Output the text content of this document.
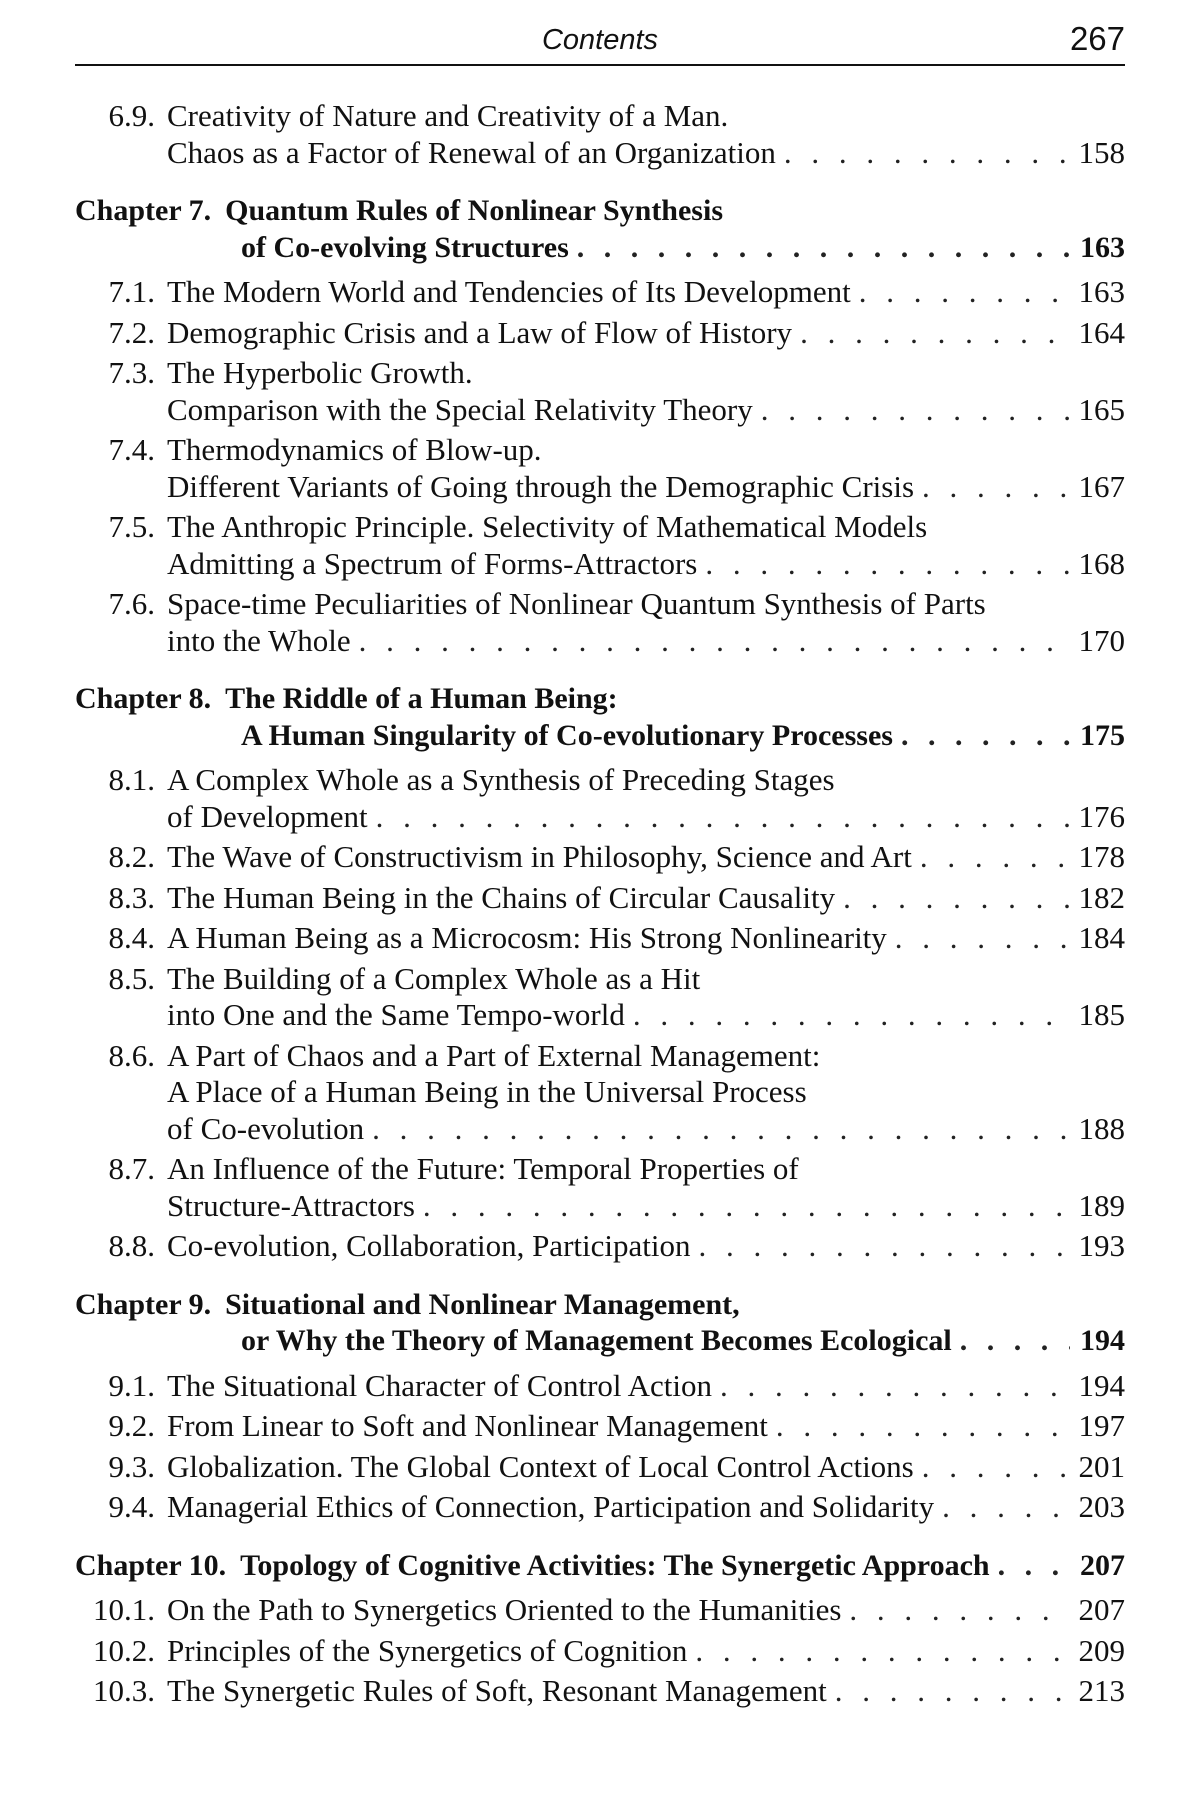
Contents	267
6.9. Creativity of Nature and Creativity of a Man.
Chaos as a Factor of Renewal of an Organization . . .	158
Chapter 7. Quantum Rules of Nonlinear Synthesis
of Co-evolving Structures . . .	163
7.1. The Modern World and Tendencies of Its Development . . .	163
7.2. Demographic Crisis and a Law of Flow of History . . .	164
7.3. The Hyperbolic Growth.
Comparison with the Special Relativity Theory . . .	165
7.4. Thermodynamics of Blow-up.
Different Variants of Going through the Demographic Crisis . . .	167
7.5. The Anthropic Principle. Selectivity of Mathematical Models
Admitting a Spectrum of Forms-Attractors . . .	168
7.6. Space-time Peculiarities of Nonlinear Quantum Synthesis of Parts
into the Whole . . .	170
Chapter 8. The Riddle of a Human Being:
A Human Singularity of Co-evolutionary Processes . . .	175
8.1. A Complex Whole as a Synthesis of Preceding Stages
of Development . . .	176
8.2. The Wave of Constructivism in Philosophy, Science and Art . . .	178
8.3. The Human Being in the Chains of Circular Causality . . .	182
8.4. A Human Being as a Microcosm: His Strong Nonlinearity . . .	184
8.5. The Building of a Complex Whole as a Hit
into One and the Same Tempo-world . . .	185
8.6. A Part of Chaos and a Part of External Management:
A Place of a Human Being in the Universal Process
of Co-evolution . . .	188
8.7. An Influence of the Future: Temporal Properties of
Structure-Attractors . . .	189
8.8. Co-evolution, Collaboration, Participation . . .	193
Chapter 9. Situational and Nonlinear Management,
or Why the Theory of Management Becomes Ecological . . .	194
9.1. The Situational Character of Control Action . . .	194
9.2. From Linear to Soft and Nonlinear Management . . .	197
9.3. Globalization. The Global Context of Local Control Actions . . .	201
9.4. Managerial Ethics of Connection, Participation and Solidarity . . .	203
Chapter 10. Topology of Cognitive Activities: The Synergetic Approach . . .	207
10.1. On the Path to Synergetics Oriented to the Humanities . . .	207
10.2. Principles of the Synergetics of Cognition . . .	209
10.3. The Synergetic Rules of Soft, Resonant Management . . .	213
